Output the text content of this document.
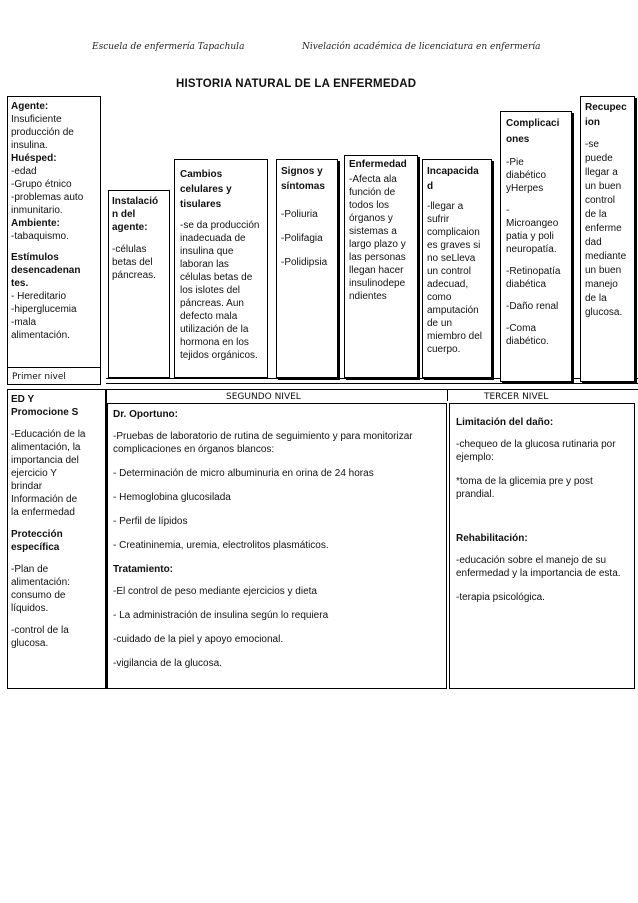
Escuela de enfermería Tapachula	Nivelación académica de licenciatura en enfermería
HISTORIA NATURAL DE LA ENFERMEDAD
Agente:
Insuficiente
producción de
insulina.
Huésped:
-edad
-Grupo étnico
-problemas auto
inmunitario.
Ambiente:
-tabaquismo.
Estímulos
desencadenan
tes.
- Hereditario
-hiperglucemia
-mala
alimentación.
Primer nivel
Instalació
n del
agente:
-células
betas del
páncreas.
Cambios
celulares y
tisulares
-se da producción
inadecuada de
insulina que
laboran las
células betas de
los islotes del
páncreas. Aun
defecto mala
utilización de la
hormona en los
tejidos orgánicos.
Signos y
síntomas
-Poliuria
-Polifagia
-Polidipsia
Enfermedad
-Afecta ala
función de
todos los
órganos y
sistemas a
largo plazo y
las personas
llegan hacer
insulinodepe
ndientes
Incapacida
d
-llegar a
sufrir
complicaion
es graves si
no seLleva
un control
adecuad,
como
amputación
de un
miembro del
cuerpo.
Complicaci
ones
-Pie
diabético
yHerpes
-
Microangeo
patia y poli
neuropatía.
-Retinopatía
diabética
-Daño renal
-Coma
diabético.
Recupec
ion
-se
puede
llegar a
un buen
control
de la
enferme
dad
mediante
un buen
manejo
de la
glucosa.
SEGUNDO NIVEL	TERCER NIVEL
ED Y
Promocione S
-Educación de la
alimentación, la
importancia del
ejercicio Y
brindar
Información de
la enfermedad
Protección
específica
-Plan de
alimentación:
consumo de
líquidos.
-control de la
glucosa.
Dr. Oportuno:
-Pruebas de laboratorio de rutina de seguimiento y para monitorizar complicaciones en órganos blancos:
- Determinación de micro albuminuria en orina de 24 horas
- Hemoglobina glucosilada
- Perfil de lípidos
- Creatininemia, uremia, electrolitos plasmáticos.
Tratamiento:
-El control de peso mediante ejercicios y dieta
- La administración de insulina según lo requiera
-cuidado de la piel y apoyo emocional.
-vigilancia de la glucosa.
Limitación del daño:
-chequeo de la glucosa rutinaria por ejemplo:
*toma de la glicemia pre y post prandial.
Rehabilitación:
-educación sobre el manejo de su enfermedad y la importancia de esta.
-terapia psicológica.
